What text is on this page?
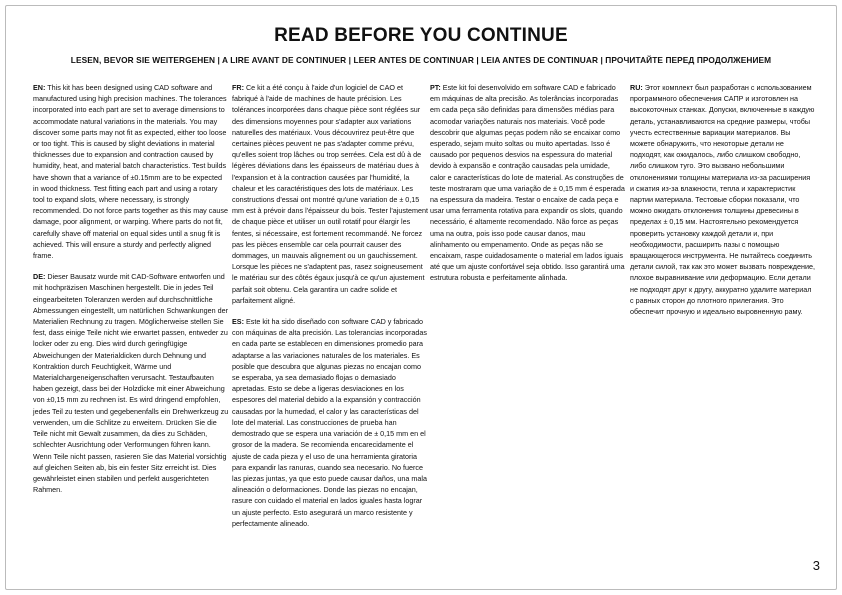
READ BEFORE YOU CONTINUE
LESEN, BEVOR SIE WEITERGEHEN | A LIRE AVANT DE CONTINUER | LEER ANTES DE CONTINUAR | LEIA ANTES DE CONTINUAR | ПРОЧИТАЙТЕ ПЕРЕД ПРОДОЛЖЕНИЕМ

EN: This kit has been designed using CAD software and manufactured using high precision machines. The tolerances incorporated into each part are set to average dimensions to accommodate natural variations in the materials. You may discover some parts may not fit as expected, either too loose or too tight. This is caused by slight deviations in material thicknesses due to expansion and contraction caused by humidity, heat, and material batch characteristics. Test builds have shown that a variance of ±0.15mm are to be expected in wood thickness. Test fitting each part and using a rotary tool to expand slots, where necessary, is strongly recommended. Do not force parts together as this may cause damage, poor alignment, or warping. Where parts do not fit, carefully shave off material on equal sides until a snug fit is achieved. This will ensure a sturdy and perfectly aligned frame.

DE: Dieser Bausatz wurde mit CAD-Software entworfen und mit hochpräzisen Maschinen hergestellt. Die in jedes Teil eingearbeiteten Toleranzen werden auf durchschnittliche Abmessungen eingestellt, um natürlichen Schwankungen der Materialien Rechnung zu tragen. Möglicherweise stellen Sie fest, dass einige Teile nicht wie erwartet passen, entweder zu locker oder zu eng. Dies wird durch geringfügige Abweichungen der Materialdicken durch Dehnung und Kontraktion durch Feuchtigkeit, Wärme und Materialchargeneigenschaften verursacht. Testaufbauten haben gezeigt, dass bei der Holzdicke mit einer Abweichung von ±0,15 mm zu rechnen ist. Es wird dringend empfohlen, jedes Teil zu testen und gegebenenfalls ein Drehwerkzeug zu verwenden, um die Schlitze zu erweitern. Drücken Sie die Teile nicht mit Gewalt zusammen, da dies zu Schäden, schlechter Ausrichtung oder Verformungen führen kann. Wenn Teile nicht passen, rasieren Sie das Material vorsichtig auf gleichen Seiten ab, bis ein fester Sitz erreicht ist. Dies gewährleistet einen stabilen und perfekt ausgerichteten Rahmen.

FR: Ce kit a été conçu à l'aide d'un logiciel de CAO et fabriqué à l'aide de machines de haute précision. Les tolérances incorporées dans chaque pièce sont réglées sur des dimensions moyennes pour s'adapter aux variations naturelles des matériaux. Vous découvrirez peut-être que certaines pièces peuvent ne pas s'adapter comme prévu, qu'elles soient trop lâches ou trop serrées. Cela est dû à de légères déviations dans les épaisseurs de matériau dues à l'expansion et à la contraction causées par l'humidité, la chaleur et les caractéristiques des lots de matériaux. Les constructions d'essai ont montré qu'une variation de ± 0,15 mm est à prévoir dans l'épaisseur du bois. Tester l'ajustement de chaque pièce et utiliser un outil rotatif pour élargir les fentes, si nécessaire, est fortement recommandé. Ne forcez pas les pièces ensemble car cela pourrait causer des dommages, un mauvais alignement ou un gauchissement. Lorsque les pièces ne s'adaptent pas, rasez soigneusement le matériau sur des côtés égaux jusqu'à ce qu'un ajustement parfait soit obtenu. Cela garantira un cadre solide et parfaitement aligné.

ES: Este kit ha sido diseñado con software CAD y fabricado con máquinas de alta precisión. Las tolerancias incorporadas en cada parte se establecen en dimensiones promedio para adaptarse a las variaciones naturales de los materiales. Es posible que descubra que algunas piezas no encajan como se esperaba, ya sea demasiado flojas o demasiado apretadas. Esto se debe a ligeras desviaciones en los espesores del material debido a la expansión y contracción causadas por la humedad, el calor y las características del lote del material. Las construcciones de prueba han demostrado que se espera una variación de ± 0,15 mm en el grosor de la madera. Se recomienda encarecidamente el ajuste de cada pieza y el uso de una herramienta giratoria para expandir las ranuras, cuando sea necesario. No fuerce las piezas juntas, ya que esto puede causar daños, una mala alineación o deformaciones. Donde las piezas no encajan, rasure con cuidado el material en lados iguales hasta lograr un ajuste perfecto. Esto asegurará un marco resistente y perfectamente alineado.

PT: Este kit foi desenvolvido em software CAD e fabricado em máquinas de alta precisão. As tolerâncias incorporadas em cada peça são definidas para dimensões médias para acomodar variações naturais nos materiais. Você pode descobrir que algumas peças podem não se encaixar como esperado, sejam muito soltas ou muito apertadas. Isso é causado por pequenos desvios na espessura do material devido à expansão e contração causadas pela umidade, calor e características do lote de material. As construções de teste mostraram que uma variação de ± 0,15 mm é esperada na espessura da madeira. Testar o encaixe de cada peça e usar uma ferramenta rotativa para expandir os slots, quando necessário, é altamente recomendado. Não force as peças uma na outra, pois isso pode causar danos, mau alinhamento ou empenamento. Onde as peças não se encaixam, raspe cuidadosamente o material em lados iguais até que um ajuste confortável seja obtido. Isso garantirá uma estrutura robusta e perfeitamente alinhada.

RU: Этот комплект был разработан с использованием программного обеспечения САПР и изготовлен на высокоточных станках. Допуски, включенные в каждую деталь, устанавливаются на средние размеры, чтобы учесть естественные вариации материалов. Вы можете обнаружить, что некоторые детали не подходят, как ожидалось, либо слишком свободно, либо слишком туго. Это вызвано небольшими отклонениями толщины материала из-за расширения и сжатия из-за влажности, тепла и характеристик партии материала. Тестовые сборки показали, что можно ожидать отклонения толщины древесины в пределах ± 0,15 мм. Настоятельно рекомендуется проверить установку каждой детали и, при необходимости, расширить пазы с помощью вращающегося инструмента. Не пытайтесь соединить детали силой, так как это может вызвать повреждение, плохое выравнивание или деформацию. Если детали не подходят друг к другу, аккуратно удалите материал с равных сторон до плотного прилегания. Это обеспечит прочную и идеально выровненную раму.

3
